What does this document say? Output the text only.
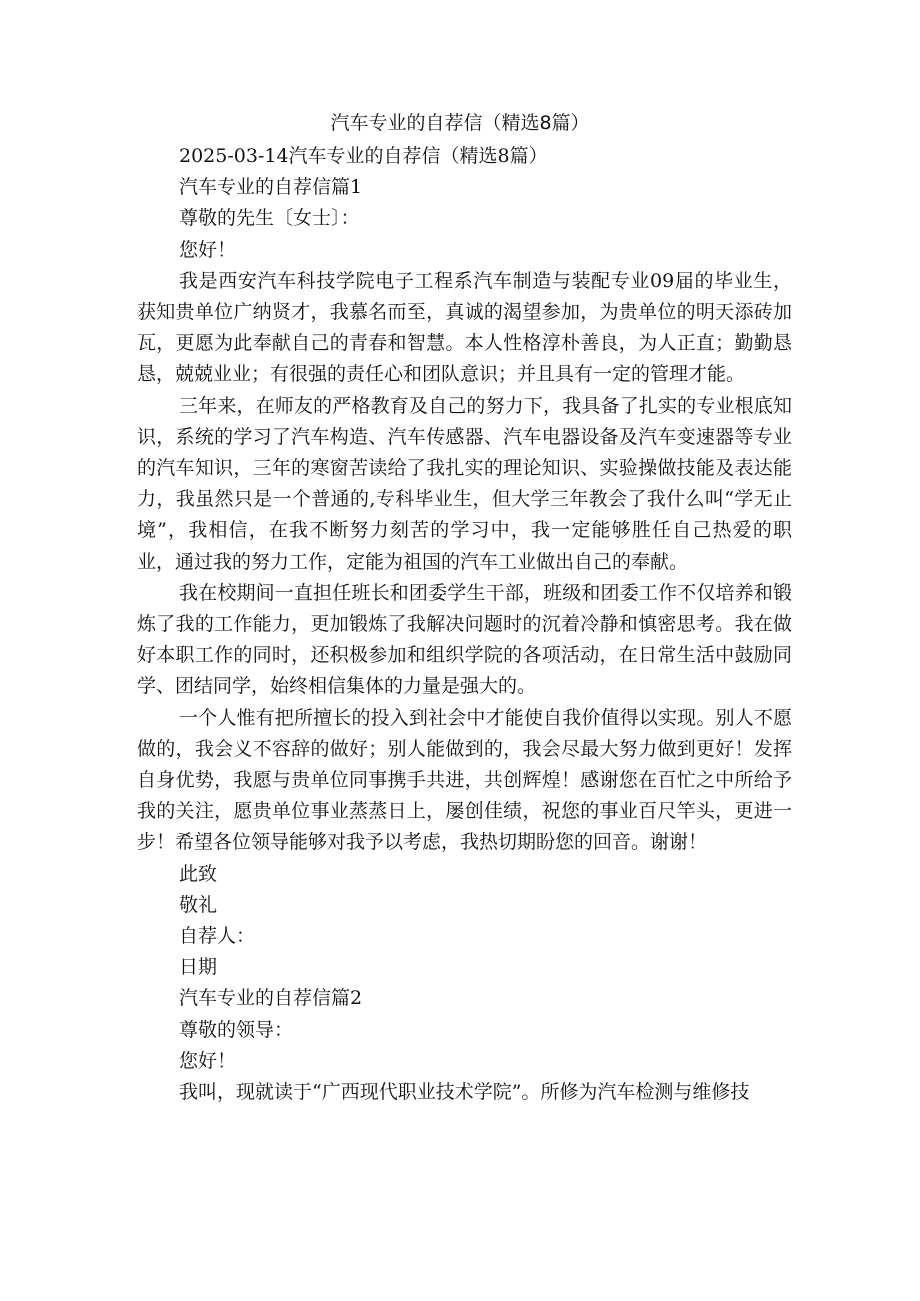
汽车专业的自荐信（精选8篇）

2025-03-14汽车专业的自荐信（精选8篇）

汽车专业的自荐信篇1

尊敬的先生〔女士〕：

您好！

我是西安汽车科技学院电子工程系汽车制造与装配专业09届的毕业生，获知贵单位广纳贤才，我慕名而至，真诚的渴望参加，为贵单位的明天添砖加瓦，更愿为此奉献自己的青春和智慧。本人性格淳朴善良，为人正直；勤勤恳恳，兢兢业业；有很强的责任心和团队意识；并且具有一定的管理才能。

三年来，在师友的严格教育及自己的努力下，我具备了扎实的专业根底知识，系统的学习了汽车构造、汽车传感器、汽车电器设备及汽车变速器等专业的汽车知识，三年的寒窗苦读给了我扎实的理论知识、实验操做技能及表达能力，我虽然只是一个普通的,专科毕业生，但大学三年教会了我什么叫“学无止境”，我相信，在我不断努力刻苦的学习中，我一定能够胜任自己热爱的职业，通过我的努力工作，定能为祖国的汽车工业做出自己的奉献。

我在校期间一直担任班长和团委学生干部，班级和团委工作不仅培养和锻炼了我的工作能力，更加锻炼了我解决问题时的沉着冷静和慎密思考。我在做好本职工作的同时，还积极参加和组织学院的各项活动，在日常生活中鼓励同学、团结同学，始终相信集体的力量是强大的。

一个人惟有把所擅长的投入到社会中才能使自我价值得以实现。别人不愿做的，我会义不容辞的做好；别人能做到的，我会尽最大努力做到更好！发挥自身优势，我愿与贵单位同事携手共进，共创辉煌！感谢您在百忙之中所给予我的关注，愿贵单位事业蒸蒸日上，屡创佳绩，祝您的事业百尺竿头，更进一步！希望各位领导能够对我予以考虑，我热切期盼您的回音。谢谢！

此致

敬礼

自荐人：

日期

汽车专业的自荐信篇2

尊敬的领导：

您好！

我叫，现就读于“广西现代职业技术学院”。所修为汽车检测与维修技
